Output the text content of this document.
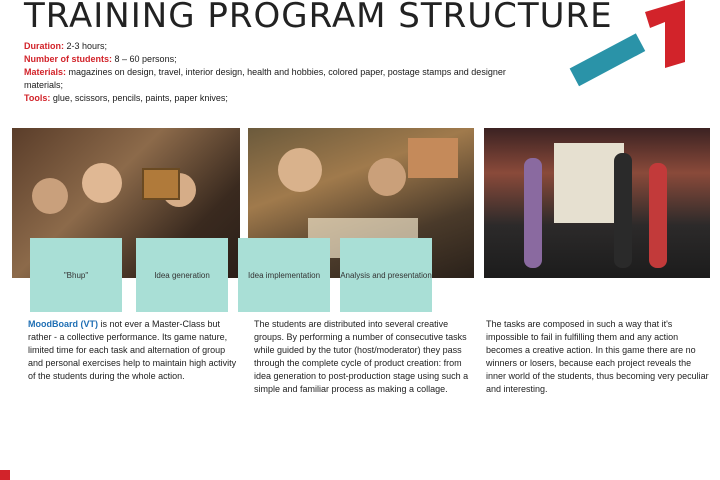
TRAINING PROGRAM STRUCTURE
Duration: 2-3 hours;
Number of students: 8 – 60 persons;
Materials: magazines on design, travel, interior design, health and hobbies, colored paper, postage stamps and designer materials;
Tools: glue, scissors, pencils, paints, paper knives;
"Bhup"	Idea generation	Idea implementation	Analysis and presentation
MoodBoard (VT) is not ever a Master-Class but rather - a collective performance. Its game nature, limited time for each task and alternation of group and personal exercises help to maintain high activity of the students during the whole action.
The students are distributed into several creative groups. By performing a number of consecutive tasks while guided by the tutor (host/moderator) they pass through the complete cycle of product creation: from idea generation to post-production stage using such a simple and familiar process as making a collage.
The tasks are composed in such a way that it's impossible to fail in fulfilling them and any action becomes a creative action. In this game there are no winners or losers, because each project reveals the inner world of the students, thus becoming very peculiar and interesting.
